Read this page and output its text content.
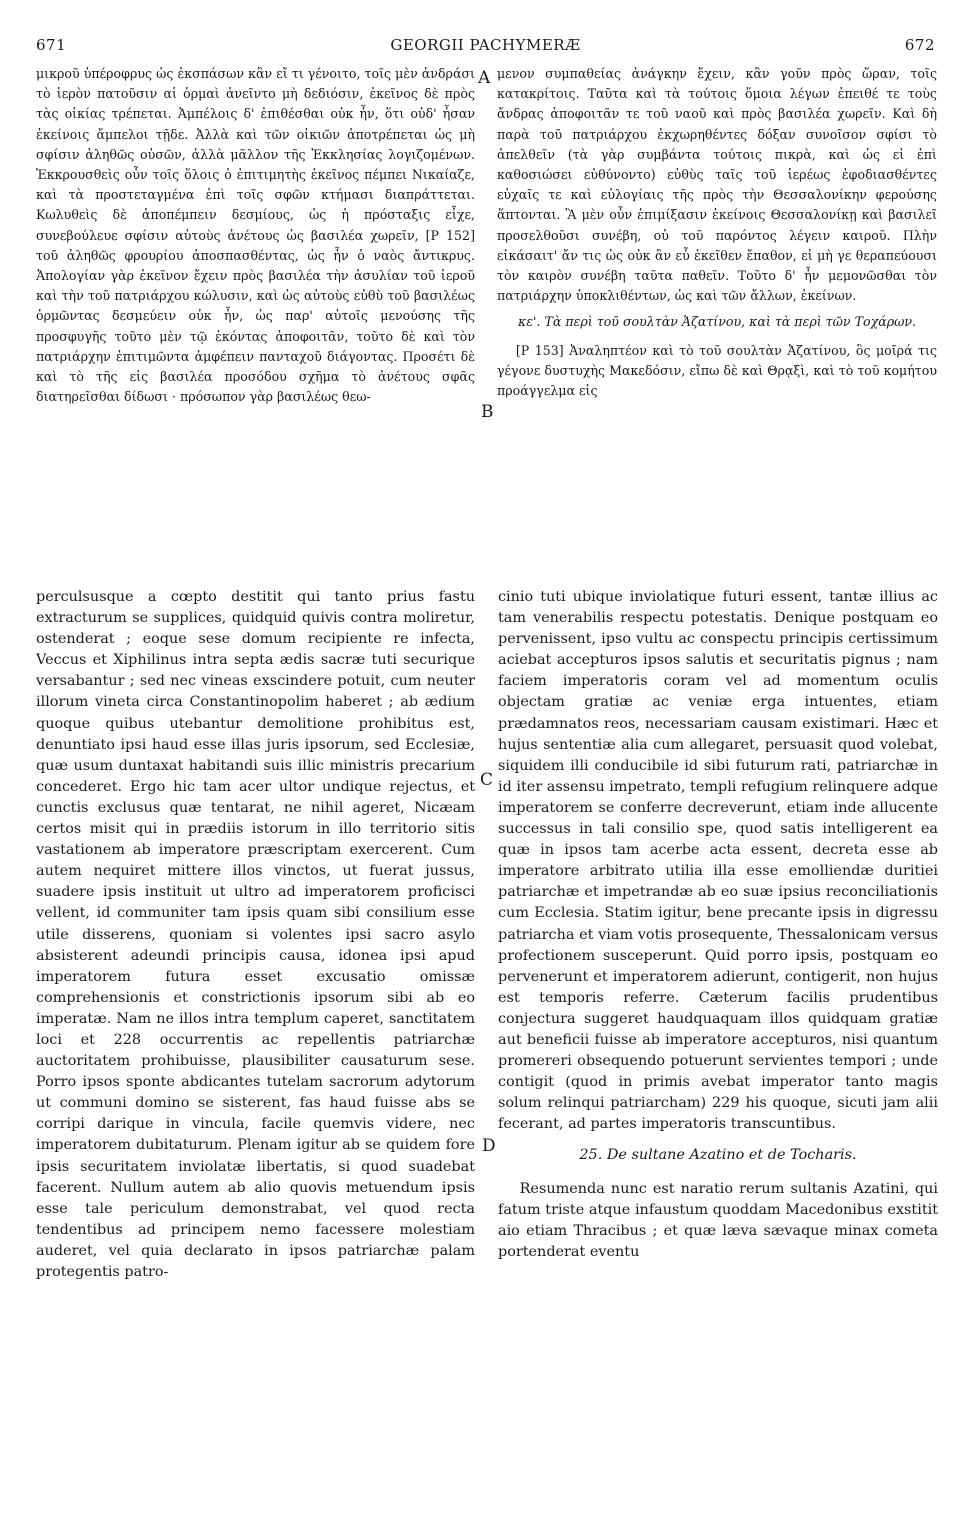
671	GEORGII PACHYMERÆ	672

μικροῦ ὑπέροφρυς ὡς ἐκσπάσων κἂν εἴ τι γένοιτο, τοῖς μὲν ἀνδράσι τὸ ἱερὸν πατοῦσιν αἱ ὁρμαὶ ἀνεῖντο μὴ δεδιόσιν, ἐκεῖνος δὲ πρὸς τὰς οἰκίας τρέπεται. Ἀμπέλοις δ' ἐπιθέσθαι οὐκ ἦν, ὅτι οὐδ' ἦσαν ἐκείνοις ἄμπελοι τῇδε. Ἀλλὰ καὶ τῶν οἰκιῶν ἀποτρέπεται ὡς μὴ σφίσιν ἀληθῶς οὐσῶν, ἀλλὰ μᾶλλον τῆς Ἐκκλησίας λογιζομένων. Ἐκκρουσθεὶς οὖν τοῖς ὅλοις ὁ ἐπιτιμητὴς ἐκεῖνος πέμπει Νικαίαζε, καὶ τὰ προστεταγμένα ἐπὶ τοῖς σφῶν κτήμασι διαπράττεται. Κωλυθεὶς δὲ ἀποπέμπειν δεσμίους, ὡς ἡ πρόσταξις εἶχε, συνεβούλευε σφίσιν αὐτοὺς ἀνέτους ὡς βασιλέα χωρεῖν, [P 152] τοῦ ἀληθῶς φρουρίου ἀποσπασθέντας, ὡς ἦν ὁ ναὸς ἄντικρυς. Ἀπολογίαν γὰρ ἐκεῖνον ἔχειν πρὸς βασιλέα τὴν ἀσυλίαν τοῦ ἱεροῦ καὶ τὴν τοῦ πατριάρχου κώλυσιν, καὶ ὡς αὐτοὺς εὐθὺ τοῦ βασιλέως ὁρμῶντας δεσμεύειν οὐκ ἦν, ὡς παρ' αὐτοῖς μενούσης τῆς προσφυγῆς τοῦτο μὲν τῷ ἑκόντας ἀποφοιτᾶν, τοῦτο δὲ καὶ τὸν πατριάρχην ἐπιτιμῶντα ἀμφέπειν πανταχοῦ διάγοντας. Προσέτι δὲ καὶ τὸ τῆς εἰς βασιλέα προσόδου σχῆμα τὸ ἀνέτους σφᾶς διατηρεῖσθαι δίδωσι · πρόσωπον γὰρ βασιλέως θεω-

μενον συμπαθείας ἀνάγκην ἔχειν, κἂν γοῦν πρὸς ὥραν, τοῖς κατακρίτοις. Ταῦτα καὶ τὰ τούτοις ὅμοια λέγων ἐπειθέ τε τοὺς ἄνδρας ἀποφοιτᾶν τε τοῦ ναοῦ καὶ πρὸς βασιλέα χωρεῖν. Καὶ δὴ παρὰ τοῦ πατριάρχου ἐκχωρηθέντες δόξαν συνοῖσον σφίσι τὸ ἀπελθεῖν (τὰ γὰρ συμβάντα τούτοις πικρὰ, καὶ ὡς εἰ ἐπὶ καθοσιώσει εὐθύνοντο) εὐθὺς ταῖς τοῦ ἱερέως ἐφοδιασθέντες εὐχαῖς τε καὶ εὐλογίαις τῆς πρὸς τὴν Θεσσαλονίκην φερούσης ἅπτονται. Ἃ μὲν οὖν ἐπιμίξασιν ἐκείνοις Θεσσαλονίκῃ καὶ βασιλεῖ προσελθοῦσι συνέβη, οὐ τοῦ παρόντος λέγειν καιροῦ. Πλὴν εἰκάσαιτ' ἄν τις ὡς οὐκ ἂν εὖ ἐκεῖθεν ἔπαθον, εἰ μὴ γε θεραπεύουσι τὸν καιρὸν συνέβη ταῦτα παθεῖν. Τοῦτο δ' ἦν μεμονῶσθαι τὸν πατριάρχην ὑποκλιθέντων, ὡς καὶ τῶν ἄλλων, ἐκείνων.

κε'. Τὰ περὶ τοῦ σουλτὰν Ἀζατίνου, καὶ τὰ περὶ τῶν Τοχάρων.

[P 153] Ἀναληπτέον καὶ τὸ τοῦ σουλτὰν Ἀζατίνου, ὃς μοῖρά τις γέγονε δυστυχὴς Μακεδόσιν, εἴπω δὲ καὶ Θρᾳξὶ, καὶ τὸ τοῦ κομήτου προάγγελμα εἰς

perculsusque a cœpto destitit qui tanto prius fastu extracturum se supplices, quidquid quivis contra moliretur, ostenderat ; eoque sese domum recipiente re infecta, Veccus et Xiphilinus intra septa ædis sacræ tuti securique versabantur ; sed nec vineas exscindere potuit, cum neuter illorum vineta circa Constantinopolim haberet ; ab ædium quoque quibus utebantur demolitione prohibitus est, denuntiato ipsi haud esse illas juris ipsorum, sed Ecclesiæ, quæ usum duntaxat habitandi suis illic ministris precarium concederet. Ergo hic tam acer ultor undique rejectus, et cunctis exclusus quæ tentarat, ne nihil ageret, Nicæam certos misit qui in prædiis istorum in illo territorio sitis vastationem ab imperatore præscriptam exercerent. Cum autem nequiret mittere illos vinctos, ut fuerat jussus, suadere ipsis instituit ut ultro ad imperatorem proficisci vellent, id communiter tam ipsis quam sibi consilium esse utile disserens, quoniam si volentes ipsi sacro asylo absisterent adeundi principis causa, idonea ipsi apud imperatorem futura esset excusatio omissæ comprehensionis et constrictionis ipsorum sibi ab eo imperatæ. Nam ne illos intra templum caperet, sanctitatem loci et 228 occurrentis ac repellentis patriarchæ auctoritatem prohibuisse, plausibiliter causaturum sese. Porro ipsos sponte abdicantes tutelam sacrorum adytorum ut communi domino se sisterent, fas haud fuisse abs se corripi darique in vincula, facile quemvis videre, nec imperatorem dubitaturum. Plenam igitur ab se quidem fore ipsis securitatem inviolatæ libertatis, si quod suadebat facerent. Nullum autem ab alio quovis metuendum ipsis esse tale periculum demonstrabat, vel quod recta tendentibus ad principem nemo facessere molestiam auderet, vel quia declarato in ipsos patriarchæ palam protegentis patro-

cinio tuti ubique inviolatique futuri essent, tantæ illius ac tam venerabilis respectu potestatis. Denique postquam eo pervenissent, ipso vultu ac conspectu principis certissimum aciebat accepturos ipsos salutis et securitatis pignus ; nam faciem imperatoris coram vel ad momentum oculis objectam gratiæ ac veniæ erga intuentes, etiam prædamnatos reos, necessariam causam existimari. Hæc et hujus sententiæ alia cum allegaret, persuasit quod volebat, siquidem illi conducibile id sibi futurum rati, patriarchæ in id iter assensu impetrato, templi refugium relinquere adque imperatorem se conferre decreverunt, etiam inde allucente successus in tali consilio spe, quod satis intelligerent ea quæ in ipsos tam acerbe acta essent, decreta esse ab imperatore arbitrato utilia illa esse emolliendæ duritiei patriarchæ et impetrandæ ab eo suæ ipsius reconciliationis cum Ecclesia. Statim igitur, bene precante ipsis in digressu patriarcha et viam votis prosequente, Thessalonicam versus profectionem susceperunt. Quid porro ipsis, postquam eo pervenerunt et imperatorem adierunt, contigerit, non hujus est temporis referre. Cæterum facilis prudentibus conjectura suggeret haudquaquam illos quidquam gratiæ aut beneficii fuisse ab imperatore accepturos, nisi quantum promereri obsequendo potuerunt servientes tempori ; unde contigit (quod in primis avebat imperator tanto magis solum relinqui patriarcham) 229 his quoque, sicuti jam alii fecerant, ad partes imperatoris transcuntibus.

25. De sultane Azatino et de Tocharis.

Resumenda nunc est naratio rerum sultanis Azatini, qui fatum triste atque infaustum quoddam Macedonibus exstitit aio etiam Thracibus ; et quæ læva sævaque minax cometa portenderat eventu

A
B
C
D
